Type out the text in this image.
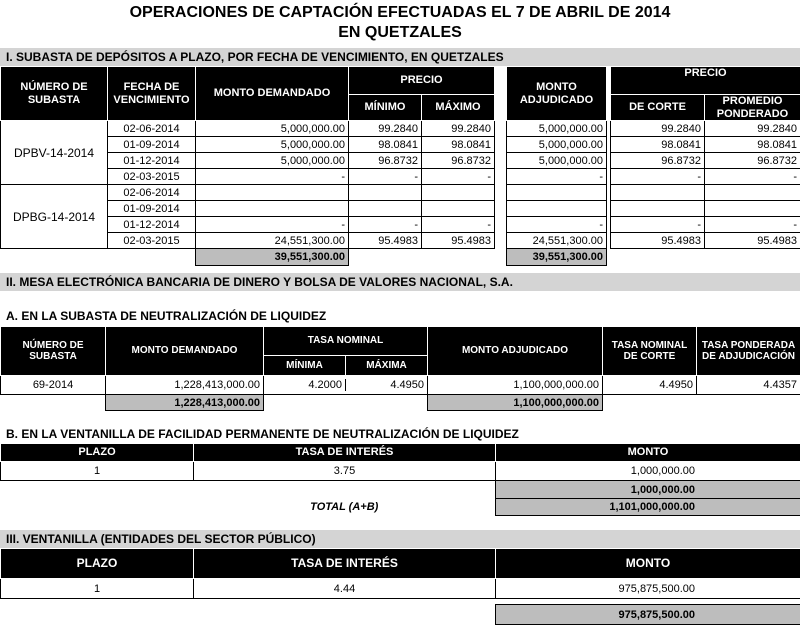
OPERACIONES DE CAPTACIÓN EFECTUADAS EL 7 DE ABRIL DE 2014
EN QUETZALES
I. SUBASTA DE DEPÓSITOS A PLAZO, POR FECHA DE VENCIMIENTO, EN QUETZALES
NÚMERO DE SUBASTA	FECHA DE VENCIMIENTO	MONTO DEMANDADO	PRECIO			MONTO ADJUDICADO		PRECIO	
			MÍNIMO	MÁXIMO				DE CORTE	PROMEDIO PONDERADO
DPBV-14-2014	02-06-2014	5,000,000.00	99.2840	99.2840		5,000,000.00		99.2840	99.2840
	01-09-2014	5,000,000.00	98.0841	98.0841		5,000,000.00		98.0841	98.0841
	01-12-2014	5,000,000.00	96.8732	96.8732		5,000,000.00		96.8732	96.8732
	02-03-2015	-	-	-		-		-	-
DPBG-14-2014	02-06-2014								
	01-09-2014								
	01-12-2014	-	-	-		-		-	-
	02-03-2015	24,551,300.00	95.4983	95.4983		24,551,300.00		95.4983	95.4983
		39,551,300.00				39,551,300.00			
II. MESA ELECTRÓNICA BANCARIA DE DINERO Y BOLSA DE VALORES NACIONAL, S.A.
A. EN LA SUBASTA DE NEUTRALIZACIÓN DE LIQUIDEZ
NÚMERO DE SUBASTA	MONTO DEMANDADO	TASA NOMINAL
MÍNIMA MÁXIMA	MONTO ADJUDICADO	TASA NOMINAL DE CORTE	TASA PONDERADA DE ADJUDICACIÓN
69-2014	1,228,413,000.00	4.2000 4.4950	1,100,000,000.00	4.4950	4.4357
	1,228,413,000.00		1,100,000,000.00		
B. EN LA VENTANILLA DE FACILIDAD PERMANENTE DE NEUTRALIZACIÓN DE LIQUIDEZ
PLAZO	TASA DE INTERÉS	MONTO
1	3.75	1,000,000.00
		1,000,000.00
	TOTAL (A+B)	1,101,000,000.00
III. VENTANILLA (ENTIDADES DEL SECTOR PÚBLICO)
PLAZO	TASA DE INTERÉS	MONTO
1	4.44	975,875,500.00

		975,875,500.00
